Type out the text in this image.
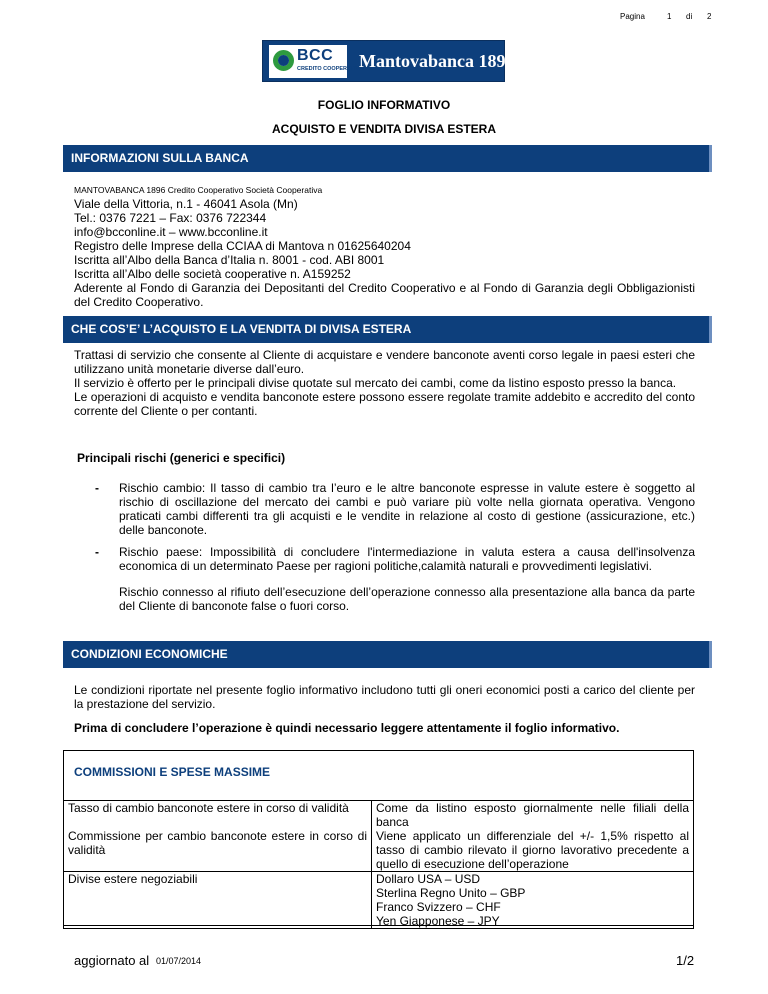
Pagina	1 di 2
BCC
CREDITO COOPERATIVO
Mantovabanca 1896
FOGLIO INFORMATIVO
ACQUISTO E VENDITA DIVISA ESTERA
INFORMAZIONI SULLA BANCA
MANTOVABANCA 1896 Credito Cooperativo Società Cooperativa
Viale della Vittoria, n.1 - 46041 Asola (Mn)
Tel.: 0376 7221 – Fax: 0376 722344
info@bcconline.it – www.bcconline.it
Registro delle Imprese della CCIAA di Mantova n 01625640204
Iscritta all’Albo della Banca d’Italia n. 8001 - cod. ABI 8001
Iscritta all’Albo delle società cooperative n. A159252
Aderente al Fondo di Garanzia dei Depositanti del Credito Cooperativo e al Fondo di Garanzia degli Obbligazionisti del Credito Cooperativo.
CHE COS’E’ L’ACQUISTO E LA VENDITA DI DIVISA ESTERA
Trattasi di servizio che consente al Cliente di acquistare e vendere banconote aventi corso legale in paesi esteri che utilizzano unità monetarie diverse dall’euro.
Il servizio è offerto per le principali divise quotate sul mercato dei cambi, come da listino esposto presso la banca.
Le operazioni di acquisto e vendita banconote estere possono essere regolate tramite addebito e accredito del conto corrente del Cliente o per contanti.
Principali rischi (generici e specifici)
- Rischio cambio: Il tasso di cambio tra l’euro e le altre banconote espresse in valute estere è soggetto al rischio di oscillazione del mercato dei cambi e può variare più volte nella giornata operativa. Vengono praticati cambi differenti tra gli acquisti e le vendite in relazione al costo di gestione (assicurazione, etc.) delle banconote.
- Rischio paese: Impossibilità di concludere l'intermediazione in valuta estera a causa dell'insolvenza economica di un determinato Paese per ragioni politiche,calamità naturali e provvedimenti legislativi.
Rischio connesso al rifiuto dell’esecuzione dell’operazione connesso alla presentazione alla banca da parte del Cliente di banconote false o fuori corso.
CONDIZIONI ECONOMICHE
Le condizioni riportate nel presente foglio informativo includono tutti gli oneri economici posti a carico del cliente per la prestazione del servizio.
Prima di concludere l’operazione è quindi necessario leggere attentamente il foglio informativo.
COMMISSIONI E SPESE MASSIME
Tasso di cambio banconote estere in corso di validità	Come da listino esposto giornalmente nelle filiali della banca
Commissione per cambio banconote estere in corso di validità	Viene applicato un differenziale del +/- 1,5% rispetto al tasso di cambio rilevato il giorno lavorativo precedente a quello di esecuzione dell’operazione
Divise estere negoziabili	Dollaro USA – USD
Sterlina Regno Unito – GBP
Franco Svizzero – CHF
Yen Giapponese – JPY
aggiornato al 01/07/2014	1/2
